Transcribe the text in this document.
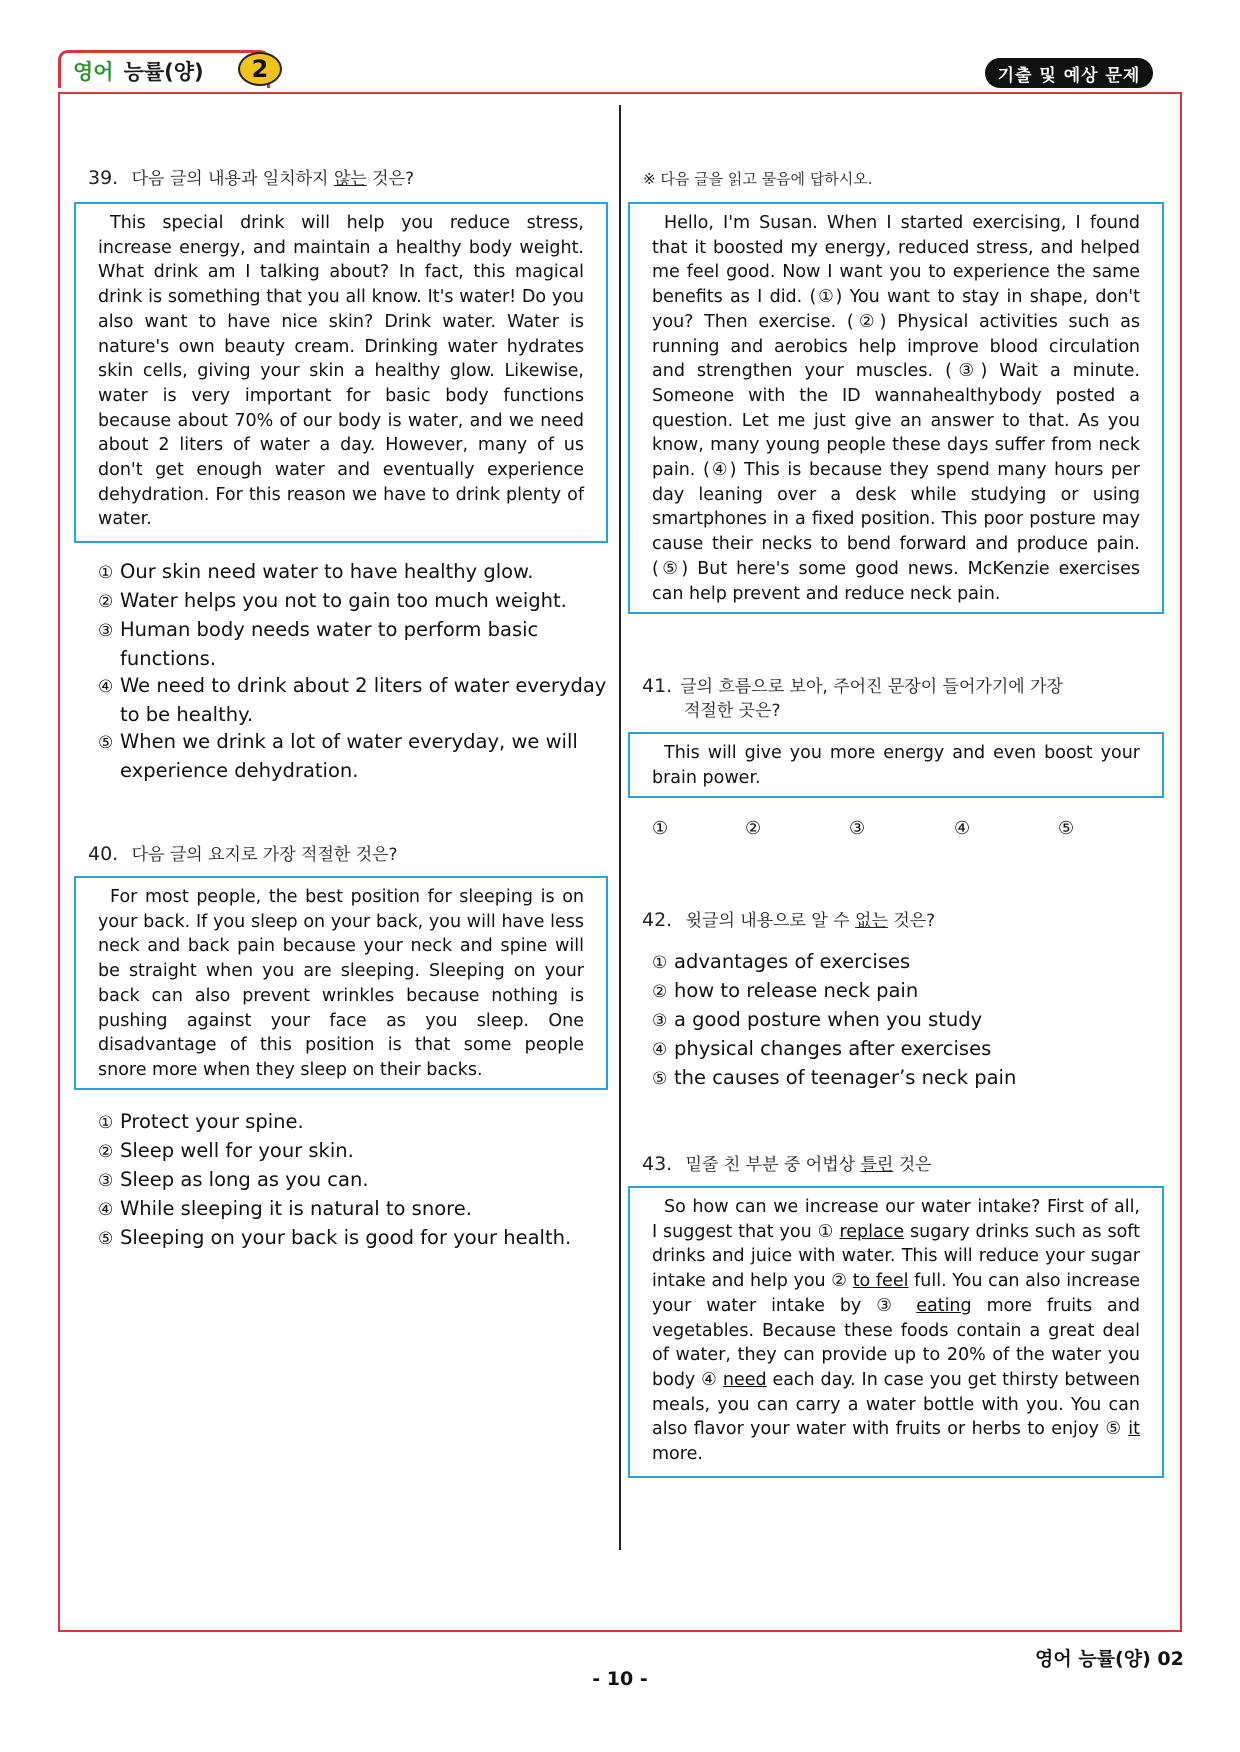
영어 능률(양)	2	기출 및 예상 문제
39. 다음 글의 내용과 일치하지 않는 것은?
This special drink will help you reduce stress, increase energy, and maintain a healthy body weight. What drink am I talking about? In fact, this magical drink is something that you all know. It's water! Do you also want to have nice skin? Drink water. Water is nature's own beauty cream. Drinking water hydrates skin cells, giving your skin a healthy glow. Likewise, water is very important for basic body functions because about 70% of our body is water, and we need about 2 liters of water a day. However, many of us don't get enough water and eventually experience dehydration. For this reason we have to drink plenty of water.
① Our skin need water to have healthy glow.
② Water helps you not to gain too much weight.
③ Human body needs water to perform basic functions.
④ We need to drink about 2 liters of water everyday to be healthy.
⑤ When we drink a lot of water everyday, we will experience dehydration.
40. 다음 글의 요지로 가장 적절한 것은?
For most people, the best position for sleeping is on your back. If you sleep on your back, you will have less neck and back pain because your neck and spine will be straight when you are sleeping. Sleeping on your back can also prevent wrinkles because nothing is pushing against your face as you sleep. One disadvantage of this position is that some people snore more when they sleep on their backs.
① Protect your spine.
② Sleep well for your skin.
③ Sleep as long as you can.
④ While sleeping it is natural to snore.
⑤ Sleeping on your back is good for your health.
※ 다음 글을 읽고 물음에 답하시오.
Hello, I'm Susan. When I started exercising, I found that it boosted my energy, reduced stress, and helped me feel good. Now I want you to experience the same benefits as I did. (①) You want to stay in shape, don't you? Then exercise. (②) Physical activities such as running and aerobics help improve blood circulation and strengthen your muscles. (③) Wait a minute. Someone with the ID wannahealthybody posted a question. Let me just give an answer to that. As you know, many young people these days suffer from neck pain. (④) This is because they spend many hours per day leaning over a desk while studying or using smartphones in a fixed position. This poor posture may cause their necks to bend forward and produce pain. (⑤) But here's some good news. McKenzie exercises can help prevent and reduce neck pain.
41. 글의 흐름으로 보아, 주어진 문장이 들어가기에 가장
적절한 곳은?
This will give you more energy and even boost your brain power.
①	②	③	④	⑤
42. 윗글의 내용으로 알 수 없는 것은?
① advantages of exercises
② how to release neck pain
③ a good posture when you study
④ physical changes after exercises
⑤ the causes of teenager’s neck pain
43. 밑줄 친 부분 중 어법상 틀린 것은
So how can we increase our water intake? First of all, I suggest that you ① replace sugary drinks such as soft drinks and juice with water. This will reduce your sugar intake and help you ② to feel full. You can also increase your water intake by ③ eating more fruits and vegetables. Because these foods contain a great deal of water, they can provide up to 20% of the water you body ④ need each day. In case you get thirsty between meals, you can carry a water bottle with you. You can also flavor your water with fruits or herbs to enjoy ⑤ it more.
영어 능률(양) 02
- 10 -
